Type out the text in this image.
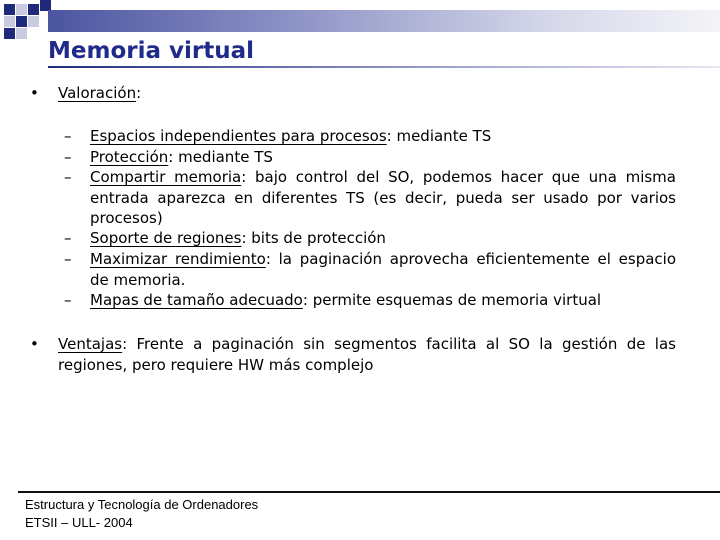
Memoria virtual
• Valoración:
– Espacios independientes para procesos: mediante TS
– Protección: mediante TS
– Compartir memoria: bajo control del SO, podemos hacer que una misma entrada aparezca en diferentes TS (es decir, pueda ser usado por varios procesos)
– Soporte de regiones: bits de protección
– Maximizar rendimiento: la paginación aprovecha eficientemente el espacio de memoria.
– Mapas de tamaño adecuado: permite esquemas de memoria virtual
• Ventajas: Frente a paginación sin segmentos facilita al SO la gestión de las regiones, pero requiere HW más complejo
Estructura y Tecnología de Ordenadores
ETSII – ULL- 2004
